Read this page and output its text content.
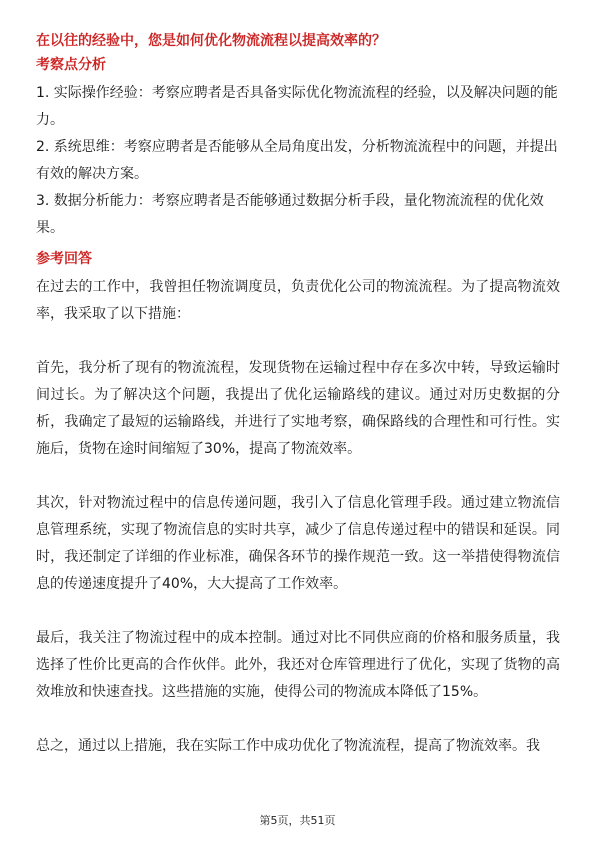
在以往的经验中，您是如何优化物流流程以提高效率的？
考察点分析

1. 实际操作经验：考察应聘者是否具备实际优化物流流程的经验，以及解决问题的能力。

2. 系统思维：考察应聘者是否能够从全局角度出发，分析物流流程中的问题，并提出有效的解决方案。

3. 数据分析能力：考察应聘者是否能够通过数据分析手段，量化物流流程的优化效果。

参考回答

在过去的工作中，我曾担任物流调度员，负责优化公司的物流流程。为了提高物流效率，我采取了以下措施：

首先，我分析了现有的物流流程，发现货物在运输过程中存在多次中转，导致运输时间过长。为了解决这个问题，我提出了优化运输路线的建议。通过对历史数据的分析，我确定了最短的运输路线，并进行了实地考察，确保路线的合理性和可行性。实施后，货物在途时间缩短了30%，提高了物流效率。

其次，针对物流过程中的信息传递问题，我引入了信息化管理手段。通过建立物流信息管理系统，实现了物流信息的实时共享，减少了信息传递过程中的错误和延误。同时，我还制定了详细的作业标准，确保各环节的操作规范一致。这一举措使得物流信息的传递速度提升了40%，大大提高了工作效率。

最后，我关注了物流过程中的成本控制。通过对比不同供应商的价格和服务质量，我选择了性价比更高的合作伙伴。此外，我还对仓库管理进行了优化，实现了货物的高效堆放和快速查找。这些措施的实施，使得公司的物流成本降低了15%。

总之，通过以上措施，我在实际工作中成功优化了物流流程，提高了物流效率。我

第5页，共51页
